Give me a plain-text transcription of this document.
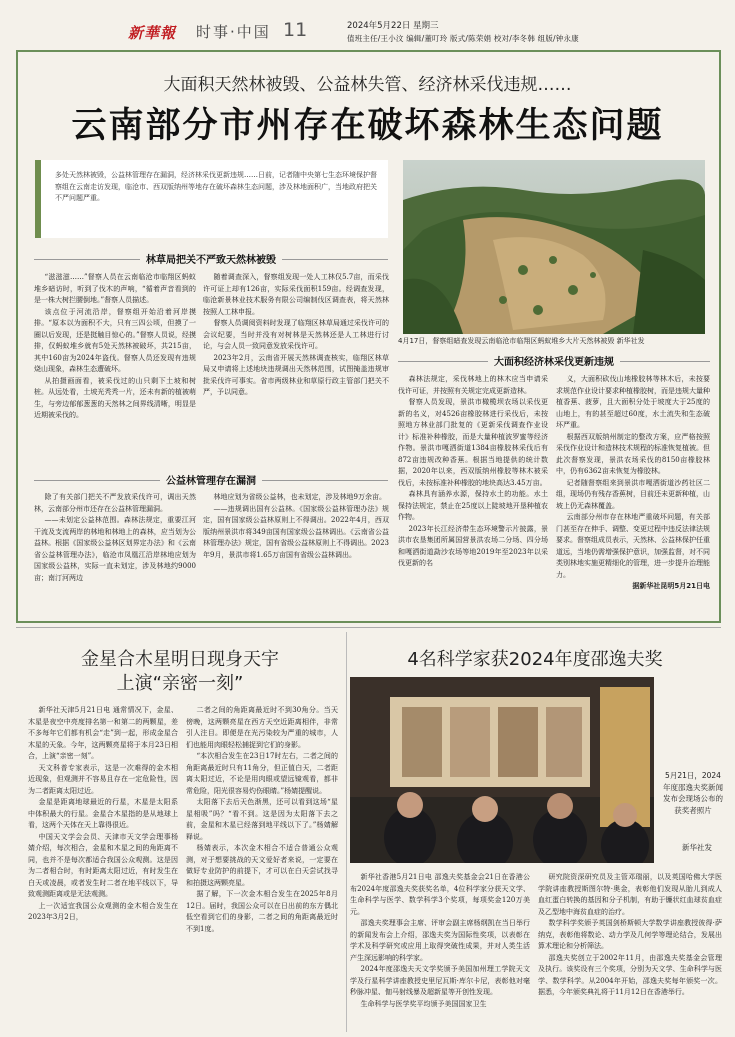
新華報 时事·中国 11	2024年5月22日 星期三
值班主任/王小汶 编辑/董叮玲 版式/陈荣娟 校对/李冬韩 组版/钟永康
大面积天然林被毁、公益林失管、经济林采伐违规……
云南部分市州存在破坏森林生态问题
多处天然林被毁，公益林管理存在漏洞，经济林采伐更新违规……日前，记者随中央第七生态环境保护督察组在云南走访发现，临沧市、西双版纳州等地存在破坏森林生态问题，涉及林地面积广，当地政府把关不严问题严重。
4月17日，督察组暗查发现云南临沧市临翔区蚂蚁堆乡大片天然林被毁 新华社发
林草局把关不严致天然林被毁

“滋滋滋……”督察人员在云南临沧市临翔区蚂蚁堆乡暗访时，听到了伐木的声响，“循着声音看到的是一株大树拦腰倒地。”督察人员描述。

该点位于河流沿岸，督察组开始沿着河岸摸排。“原本以为面积不大，只有三四公顷，但摸了一圈以后发现，还是挺触目惊心的。”督察人员说，经摸排，仅蚂蚁堆乡就有5处天然林被破坏，共215亩，其中160亩为2024年盗伐。督察人员还发现有违规烧山现象，森林生态遭破坏。

从拍摄画面看，被采伐过的山只剩下土坡和树桩。从远处看，土坡光秃秃一片，还未有新的植被萌生，与旁边郁郁葱葱的天然林之间界线清晰，明显是近期被采伐的。

随着调查深入，督察组发现一处人工林仅5.7亩，而采伐许可证上却有126亩，实际采伐面积159亩。经调查发现，临沧新景林业技术服务有限公司编制伐区调查表，将天然林按照人工林申报。

督察人员调阅资料时发现了临翔区林草局通过采伐许可的会议纪要，当时并没有对树林是天然林还是人工林进行讨论，与会人员一致同意发放采伐许可。

2023年2月，云南省开展天然林调查核实，临翔区林草局又申请将上述地块违规调出天然林范围，试图掩盖违规审批采伐许可事实。省市两级林业和草原行政主管部门把关不严，予以同意。

公益林管理存在漏洞

除了有关部门把关不严发放采伐许可，调出天然林，云南部分州市还存在公益林管理漏洞。

——未划定公益林范围。森林法规定，重要江河干流及支流两岸的林地和林地上的森林，应当划为公益林。根据《国家级公益林区划界定办法》和《云南省公益林管理办法》，临沧市凤凰江沿岸林地应划为国家级公益林，实际一直未划定，涉及林地约9000亩；南汀河两边

林地应划为省级公益林，也未划定，涉及林地9万余亩。

——违规调出国有公益林。《国家级公益林管理办法》规定，国有国家级公益林原则上不得调出。2022年4月，西双版纳州景洪市将349亩国有国家级公益林调出。《云南省公益林管理办法》规定，国有省级公益林原则上不得调出。2023年9月，景洪市将1.65万亩国有省级公益林调出。

大面积经济林采伐更新违规

森林法规定，采伐林地上的林木应当申请采伐许可证，并按照有关规定完成更新造林。

督察人员发现，景洪市橄榄坝农场以采伐更新的名义，对4526亩橡胶林进行采伐后，未按照地方林业部门批复的《更新采伐调查作业设计》标准补种橡胶，而是大量种植波罗蜜等经济作物。景洪市嘎洒街道1384亩橡胶林采伐后有872亩违规改种香蕉。根据当地提供的统计数据，2020年以来，西双版纳州橡胶等林木被采伐后，未按标准补种橡胶的地块高达3.45万亩。

森林具有涵养水源，保持水土的功能。水土保持法规定，禁止在25度以上陡坡地开垦种植农作物。

2023年长江经济带生态环境警示片披露，景洪市农垦集团所属国营景洪农场二分场、四分场和嘎洒街道勐沙农场等地2019年至2023年以采伐更新的名

义，大面积砍伐山地橡胶林等林木后，未按要求规范作业设计要求种植橡胶树，而是违规大量种植香蕉、菠萝，且大面积分处于坡度大于25度的山地上，有的甚至超过60度，水土流失和生态破坏严重。

根据西双版纳州制定的整改方案，应严格按照采伐作业设计和造林技术规程的标准恢复植被。但此次督察发现，景洪农场采伐的8150亩橡胶林中，仍有6362亩未恢复为橡胶林。

记者随督察组来到景洪市嘎洒街道沙药社区二组，现场仍有残存香蕉树，目前还未更新种植，山坡上仍无森林覆盖。

云南部分州市存在林地严重破坏问题，有关部门甚至存在伸手、调整、变更过程中违反法律法规要求。督察组成员表示，天然林、公益林保护任重道远，当地仍需增强保护意识，加强监督，对不同类别林地实施更精细化的管理，进一步提升治理能力。

据新华社昆明5月21日电
金星合木星明日现身天宇
上演“亲密一刻”

新华社天津5月21日电 通常情况下，金星、木星是夜空中亮度排名第一和第二的两颗星，差不多每年它们都有机会“走”到一起，形成金星合木星的天象。今年，这两颗亮星将于本月23日相合，上演“亲密一刻”。

天文科普专家表示，这是一次难得的金木相近现象，但观测并不容易且存在一定危险性，因为二者距离太阳过近。

金星是距离地球最近的行星，木星是太阳系中体积最大的行星。金星合木星指的是从地球上看，这两个天体在天上靠得很近。

中国天文学会会员、天津市天文学会理事杨婧介绍，每次相合，金星和木星之间的角距离不同，也并不是每次都适合我国公众观测。这是因为二者相合时，有时距离太阳过近，有时发生在白天或凌晨，或者发生时二者在地平线以下，导致观测距离或是无法观测。

上一次适宜我国公众观测的金木相合发生在2023年3月2日，

二者之间的角距离最近时不到30角分。当天傍晚，这两颗亮星在西方天空近距离相伴，非常引人注目。即便是在光污染较为严重的城市，人们也能用肉眼轻松捕捉到它们的身影。

“本次相合发生在23日17时左右，二者之间的角距离最近时只有11角分，但正值白天，二者距离太阳过近，不论是用肉眼或望远镜观看，都非常危险，阳光很容易灼伤眼睛。”杨婧提醒说。

太阳落下去后天色渐黑，还可以看到这场“星星相吸”吗？“看不到。这是因为太阳落下去之前，金星和木星已经落到地平线以下了。”杨婧解释说。

杨婧表示，本次金木相合不适合普通公众观测，对于想要挑战的天文爱好者来说，一定要在做好专业防护的前提下，才可以在白天尝试找寻和拍摄这两颗亮星。

据了解，下一次金木相合发生在2025年8月12日。届时，我国公众可以在日出前的东方偶北低空看到它们的身影，二者之间的角距离最近时不到1度。

4名科学家获2024年度邵逸夫奖
5月21日，2024年度邵逸夫奖新闻发布会现场公布的获奖者照片
新华社发

新华社香港5月21日电 邵逸夫奖基金会21日在香港公布2024年度邵逸夫奖获奖名单，4位科学家分获天文学、生命科学与医学、数学科学3个奖项，每项奖金120万美元。

邵逸夫奖理事会主席、评审会副主席杨纲凯在当日举行的新闻发布会上介绍，邵逸夫奖为国际性奖项，以表彰在学术及科学研究或应用上取得突破性成果，并对人类生活产生深远影响的科学家。

2024年度邵逸夫天文学奖颁予美国加州理工学院天文学及行星科学讲座教授史里尼瓦斯·库尔卡尼，表彰他对毫秒脉冲星、伽马射线暴及超新星等开创性发现。

生命科学与医学奖平均颁予美国国家卫生

研究院资深研究员及主管邓瑞丽，以及英国哈佛大学医学院讲座教授斯图尔特·奥金，表彰他们发现从胎儿到成人血红蛋白转换的基因和分子机制，有助于镰状红血球贫血症及乙型地中海贫血症的治疗。

数学科学奖颁予英国剑桥斯顿大学数学讲座教授彼得·萨纳克，表彰他将数论、动力学及几何学等理论结合，发展出算术理论和分析筛法。

邵逸夫奖创立于2002年11月，由邵逸夫奖基金会管理及执行。该奖设有三个奖项，分别为天文学、生命科学与医学、数学科学。从2004年开始，邵逸夫奖每年颁奖一次。据悉，今年颁奖典礼将于11月12日在香港举行。
